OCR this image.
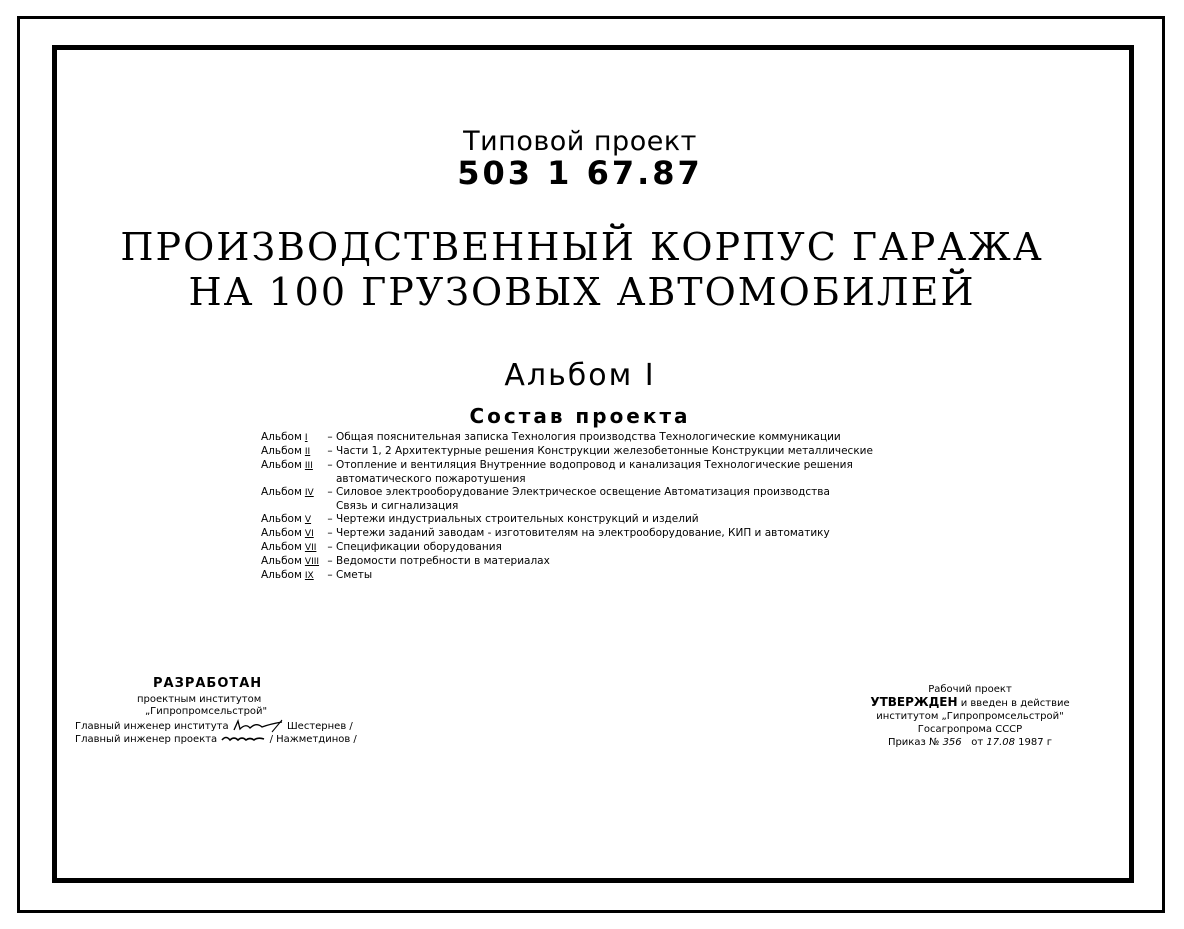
Типовой проект
503 1 67.87
ПРОИЗВОДСТВЕННЫЙ КОРПУС ГАРАЖА
НА 100 ГРУЗОВЫХ АВТОМОБИЛЕЙ
Альбом I
Состав проекта
Альбом I	– Общая пояснительная записка Технология производства Технологические коммуникации
Альбом II	– Части 1, 2 Архитектурные решения Конструкции железобетонные Конструкции металлические
Альбом III	– Отопление и вентиляция Внутренние водопровод и канализация Технологические решения
автоматического пожаротушения
Альбом IV	– Силовое электрооборудование Электрическое освещение Автоматизация производства
Связь и сигнализация
Альбом V	– Чертежи индустриальных строительных конструкций и изделий
Альбом VI	– Чертежи заданий заводам - изготовителям на электрооборудование, КИП и автоматику
Альбом VII	– Спецификации оборудования
Альбом VIII – Ведомости потребности в материалах
Альбом IX	– Сметы
РАЗРАБОТАН
проектным институтом
„Гипропромсельстрой"
Главный инженер института	Шестернев /
Главный инженер проекта	/ Нажметдинов /
Рабочий проект
УТВЕРЖДЕН и введен в действие
институтом „Гипропромсельстрой"
Госагропрома СССР
Приказ № 356 от 17.08 1987 г
